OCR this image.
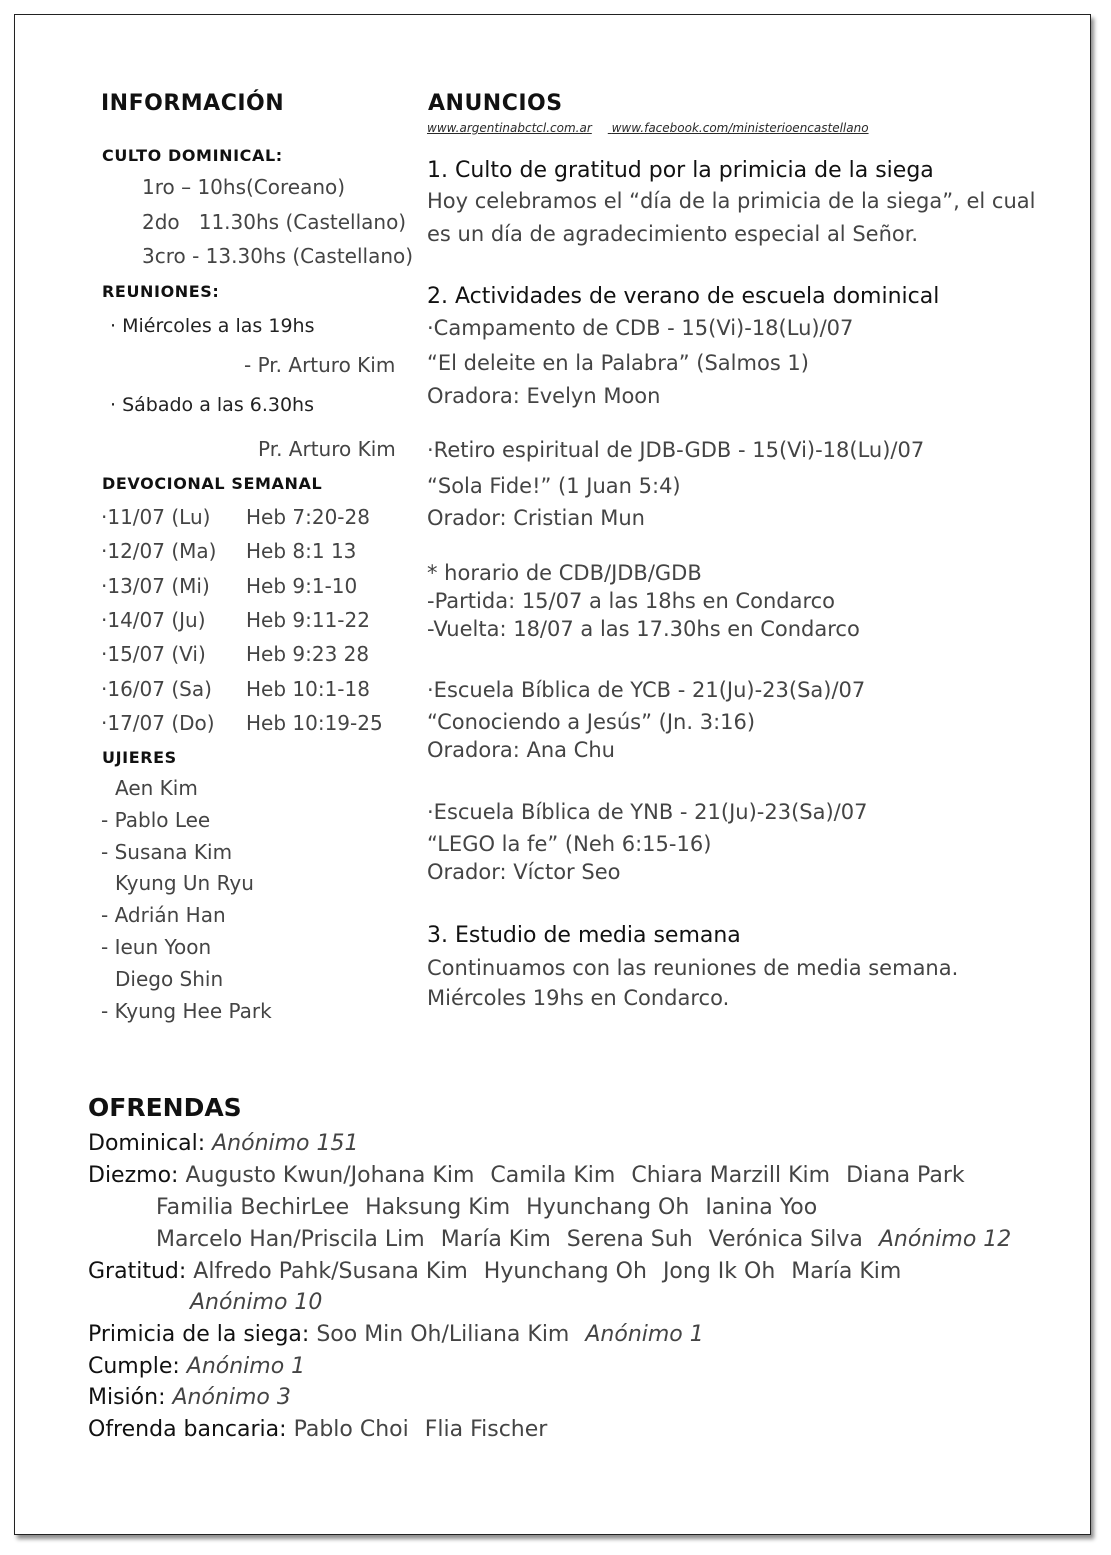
INFORMACIÓN
CULTO DOMINICAL:
1ro – 10hs(Coreano)
2do   11.30hs (Castellano)
3cro - 13.30hs (Castellano)
REUNIONES:
· Miércoles a las 19hs
- Pr. Arturo Kim
· Sábado a las 6.30hs
Pr. Arturo Kim
DEVOCIONAL SEMANAL
·11/07 (Lu) Heb 7:20-28
·12/07 (Ma) Heb 8:1 13
·13/07 (Mi) Heb 9:1-10
·14/07 (Ju) Heb 9:11-22
·15/07 (Vi) Heb 9:23 28
·16/07 (Sa) Heb 10:1-18
·17/07 (Do) Heb 10:19-25
UJIERES
Aen Kim
- Pablo Lee
- Susana Kim
Kyung Un Ryu
- Adrián Han
- Ieun Yoon
Diego Shin
- Kyung Hee Park
ANUNCIOS
www.argentinabctcl.com.ar www.facebook.com/ministerioencastellano
1. Culto de gratitud por la primicia de la siega
Hoy celebramos el “día de la primicia de la siega”, el cual
es un día de agradecimiento especial al Señor.
2. Actividades de verano de escuela dominical
·Campamento de CDB - 15(Vi)-18(Lu)/07
“El deleite en la Palabra” (Salmos 1)
Oradora: Evelyn Moon
·Retiro espiritual de JDB-GDB - 15(Vi)-18(Lu)/07
“Sola Fide!” (1 Juan 5:4)
Orador: Cristian Mun
* horario de CDB/JDB/GDB
-Partida: 15/07 a las 18hs en Condarco
-Vuelta: 18/07 a las 17.30hs en Condarco
·Escuela Bíblica de YCB - 21(Ju)-23(Sa)/07
“Conociendo a Jesús” (Jn. 3:16)
Oradora: Ana Chu
·Escuela Bíblica de YNB - 21(Ju)-23(Sa)/07
“LEGO la fe” (Neh 6:15-16)
Orador: Víctor Seo
3. Estudio de media semana
Continuamos con las reuniones de media semana.
Miércoles 19hs en Condarco.
OFRENDAS
Dominical: Anónimo 151
Diezmo: Augusto Kwun/Johana Kim Camila Kim Chiara Marzill Kim Diana Park
Familia BechirLee Haksung Kim Hyunchang Oh Ianina Yoo
Marcelo Han/Priscila Lim María Kim Serena Suh Verónica Silva Anónimo 12
Gratitud: Alfredo Pahk/Susana Kim Hyunchang Oh Jong Ik Oh María Kim
Anónimo 10
Primicia de la siega: Soo Min Oh/Liliana Kim Anónimo 1
Cumple: Anónimo 1
Misión: Anónimo 3
Ofrenda bancaria: Pablo Choi Flia Fischer
